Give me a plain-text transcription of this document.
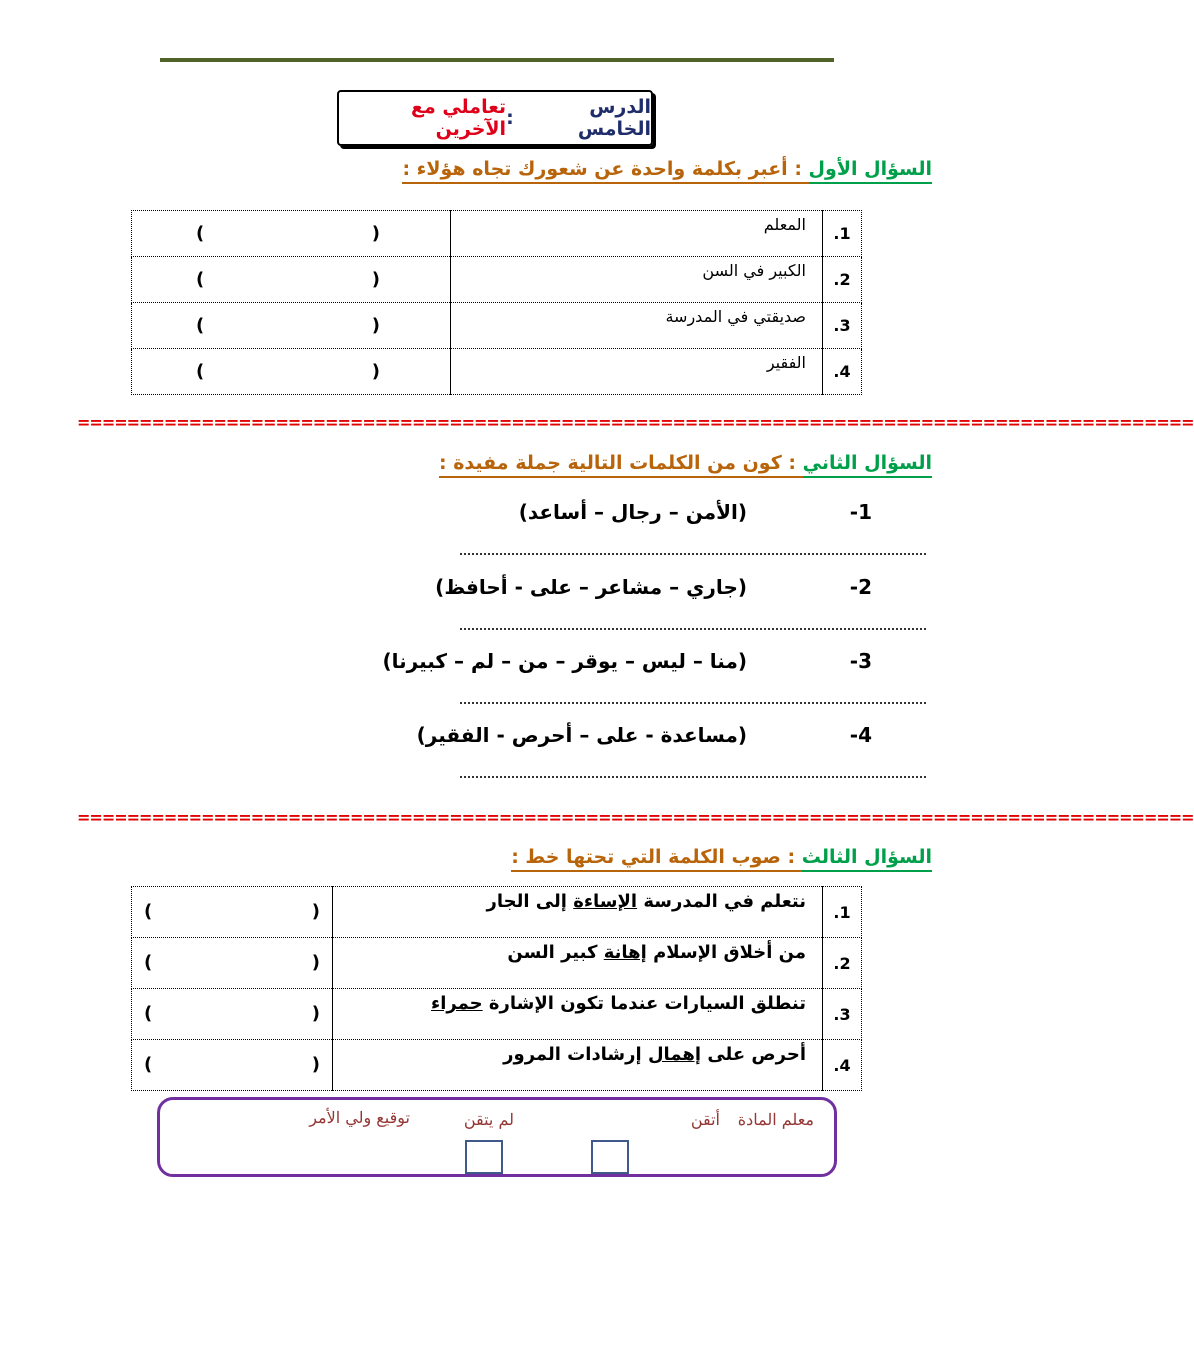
الدرس الخامس
:
تعاملي مع الآخرين
السؤال الأول : أعبر بكلمة واحدة عن شعورك تجاه هؤلاء :
1.	المعلم	( )

2.	الكبير في السن	( )

3.	صديقتي في المدرسة	( )

4.	الفقير	( )
==========================================================================================
السؤال الثاني : كون من الكلمات التالية جملة مفيدة :
1-(الأمن – رجال – أساعد)
2-(جاري – مشاعر – على - أحافظ)
3-(منا – ليس – يوقر – من – لم – كبيرنا)
4-(مساعدة - على – أحرص - الفقير)
==========================================================================================
السؤال الثالث : صوب الكلمة التي تحتها خط :
1.	نتعلم في المدرسة الإساءة إلى الجار	( )

2.	من أخلاق الإسلام إهانة كبير السن	( )

3.	تنطلق السيارات عندما تكون الإشارة حمراء	( )

4.	أحرص على إهمال إرشادات المرور	( )
معلم المادة
أتقن
لم يتقن
توقيع ولي الأمر
